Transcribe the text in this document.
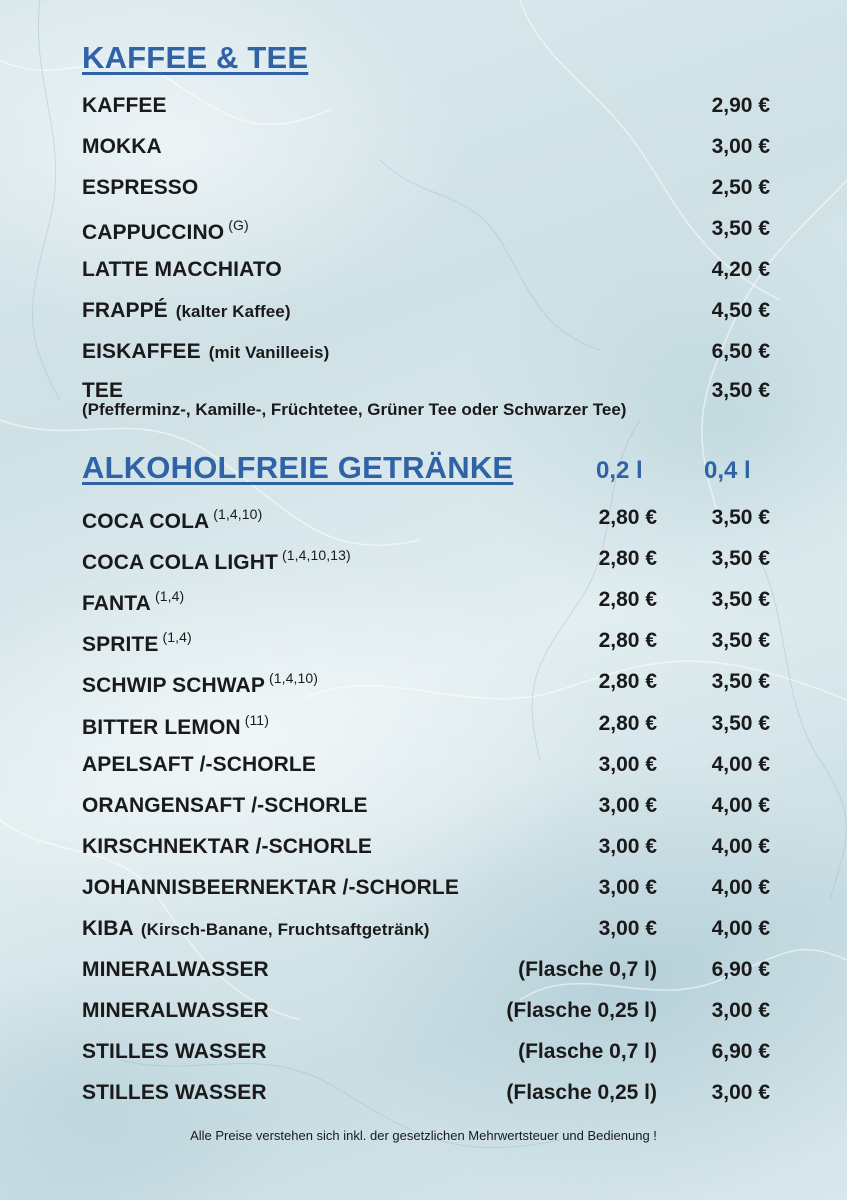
KAFFEE & TEE
KAFFEE	2,90 €
MOKKA	3,00 €
ESPRESSO	2,50 €
CAPPUCCINO $^{(G)}$	3,50 €
LATTE MACCHIATO	4,20 €
FRAPPÉ (kalter Kaffee)	4,50 €
EISKAFFEE (mit Vanilleeis)	6,50 €
TEE	3,50 €
(Pfefferminz-, Kamille-, Früchtetee, Grüner Tee oder Schwarzer Tee)
ALKOHOLFREIE GETRÄNKE	0,2 l	0,4 l
COCA COLA $^{(1,4,10)}$	2,80 €	3,50 €
COCA COLA LIGHT $^{(1,4,10,13)}$	2,80 €	3,50 €
FANTA $^{(1,4)}$	2,80 €	3,50 €
SPRITE $^{(1,4)}$	2,80 €	3,50 €
SCHWIP SCHWAP $^{(1,4,10)}$	2,80 €	3,50 €
BITTER LEMON $^{(11)}$	2,80 €	3,50 €
APELSAFT /-SCHORLE	3,00 €	4,00 €
ORANGENSAFT /-SCHORLE	3,00 €	4,00 €
KIRSCHNEKTAR /-SCHORLE	3,00 €	4,00 €
JOHANNISBEERNEKTAR /-SCHORLE	3,00 €	4,00 €
KIBA (Kirsch-Banane, Fruchtsaftgetränk)	3,00 €	4,00 €
MINERALWASSER	(Flasche 0,7 l)	6,90 €
MINERALWASSER	(Flasche 0,25 l)	3,00 €
STILLES WASSER	(Flasche 0,7 l)	6,90 €
STILLES WASSER	(Flasche 0,25 l)	3,00 €
Alle Preise verstehen sich inkl. der gesetzlichen Mehrwertsteuer und Bedienung !
